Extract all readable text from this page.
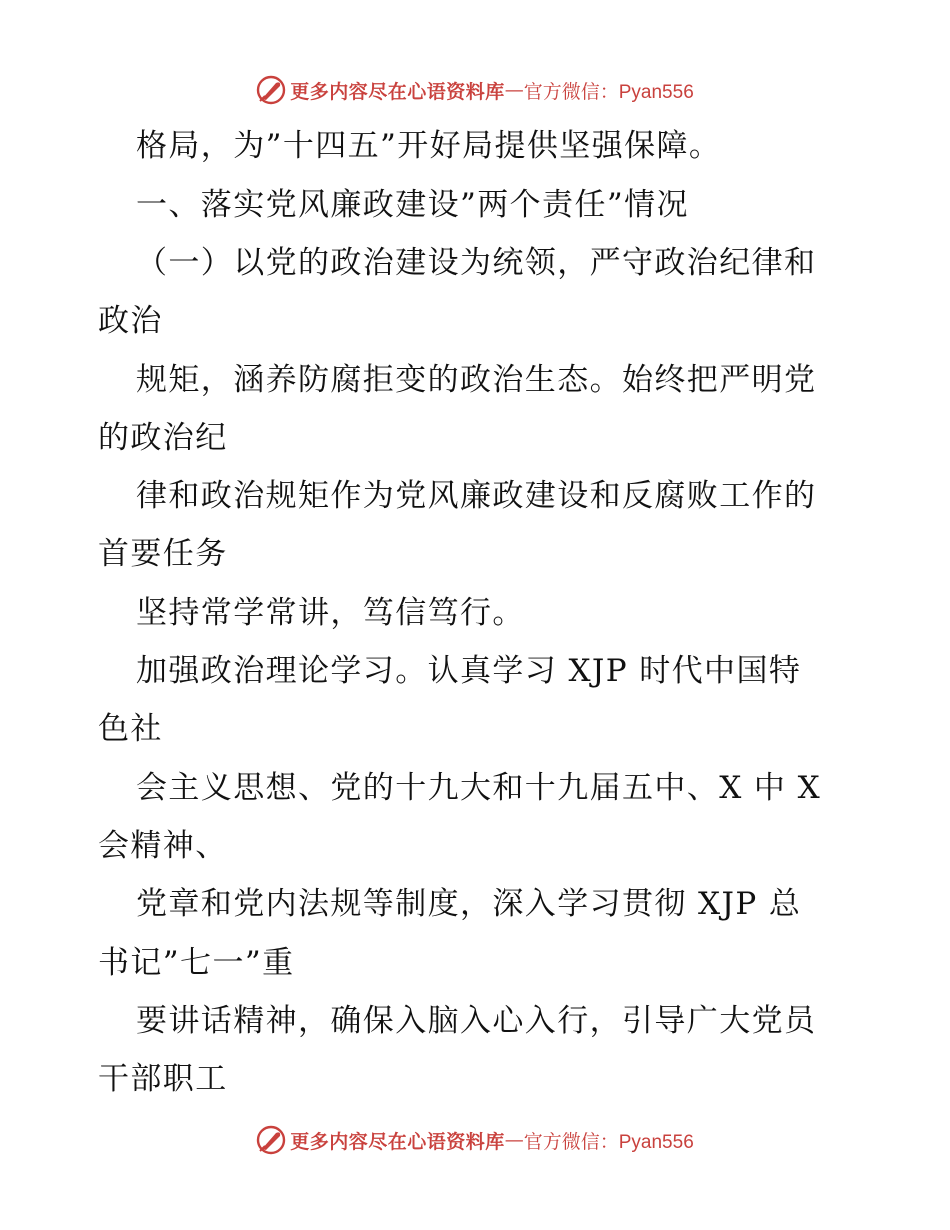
更多内容尽在心语资料库 — 官方微信：Pyan556
格局，为”十四五”开好局提供坚强保障。
一、落实党风廉政建设”两个责任”情况
（一）以党的政治建设为统领，严守政治纪律和
政治
规矩，涵养防腐拒变的政治生态。始终把严明党
的政治纪
律和政治规矩作为党风廉政建设和反腐败工作的
首要任务
坚持常学常讲，笃信笃行。
加强政治理论学习。认真学习 XJP 时代中国特
色社
会主义思想、党的十九大和十九届五中、X 中 X
会精神、
党章和党内法规等制度，深入学习贯彻 XJP 总
书记”七一”重
要讲话精神，确保入脑入心入行，引导广大党员
干部职工
更多内容尽在心语资料库 — 官方微信：Pyan556
